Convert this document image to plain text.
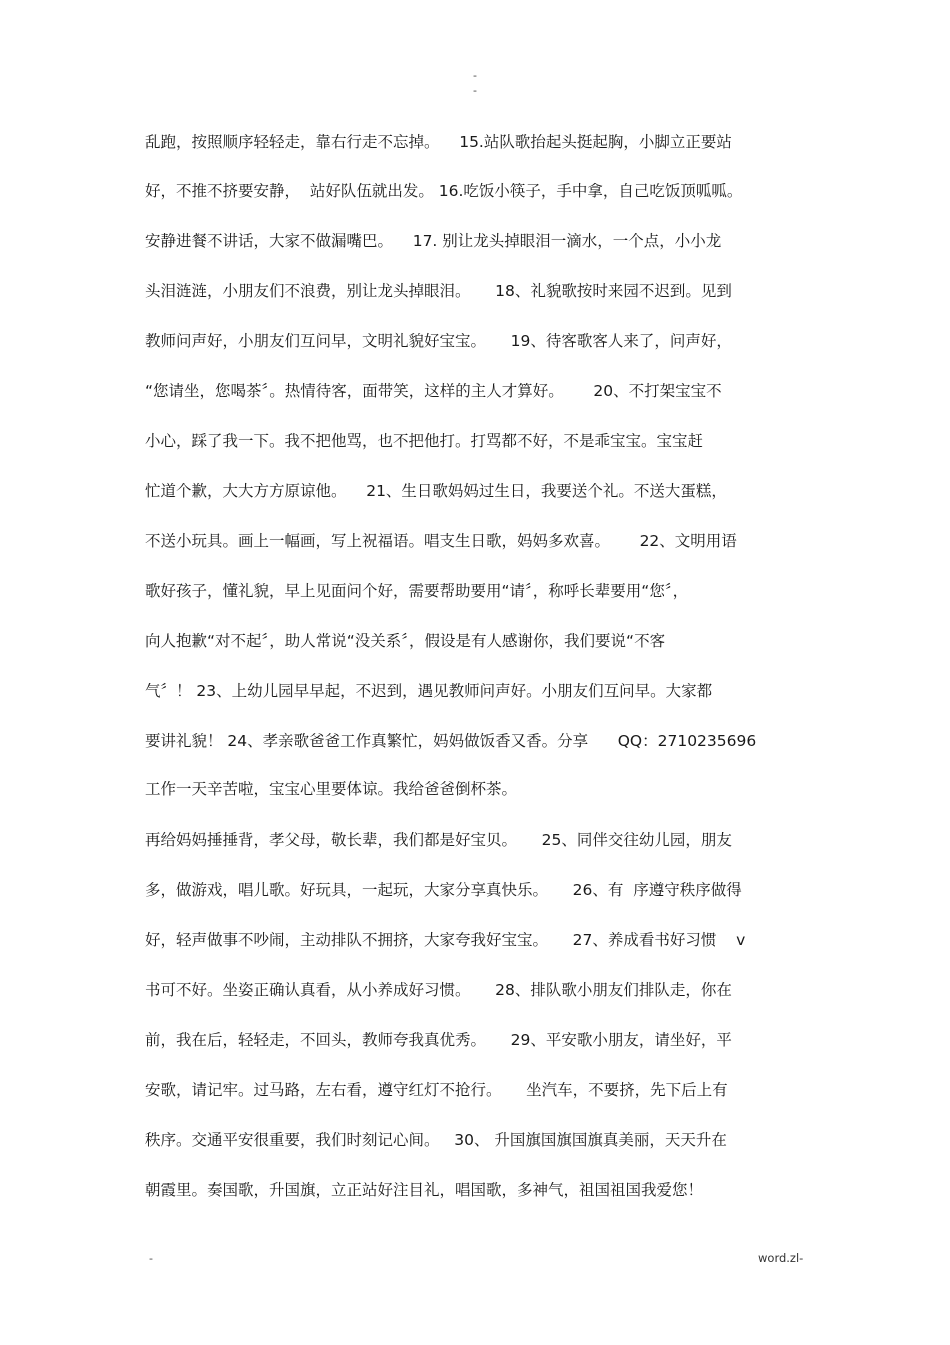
-
-
乱跑，按照顺序轻轻走，靠右行走不忘掉。    15.站队歌抬起头挺起胸，小脚立正要站
好，不推不挤要安静，  站好队伍就出发。 16.吃饭小筷子，手中拿，自己吃饭顶呱呱。
安静进餐不讲话，大家不做漏嘴巴。    17. 别让龙头掉眼泪一滴水，一个点，小小龙
头泪涟涟，小朋友们不浪费，别让龙头掉眼泪。     18、礼貌歌按时来园不迟到。见到
教师问声好，小朋友们互问早，文明礼貌好宝宝。     19、待客歌客人来了，问声好，
“您请坐，您喝茶〞。热情待客，面带笑，这样的主人才算好。      20、不打架宝宝不
小心，踩了我一下。我不把他骂，也不把他打。打骂都不好，不是乖宝宝。宝宝赶
忙道个歉，大大方方原谅他。    21、生日歌妈妈过生日，我要送个礼。不送大蛋糕，
不送小玩具。画上一幅画，写上祝福语。唱支生日歌，妈妈多欢喜。      22、文明用语
歌好孩子，懂礼貌，早上见面问个好，需要帮助要用“请〞，称呼长辈要用“您〞，
向人抱歉“对不起〞，助人常说“没关系〞，假设是有人感谢你，我们要说“不客
气〞！ 23、上幼儿园早早起，不迟到，遇见教师问声好。小朋友们互问早。大家都
要讲礼貌！ 24、孝亲歌爸爸工作真繁忙，妈妈做饭香又香。分享      QQ：2710235696
工作一天辛苦啦，宝宝心里要体谅。我给爸爸倒杯茶。
再给妈妈捶捶背，孝父母，敬长辈，我们都是好宝贝。     25、同伴交往幼儿园，朋友
多，做游戏，唱儿歌。好玩具，一起玩，大家分享真快乐。     26、有  序遵守秩序做得
好，轻声做事不吵闹，主动排队不拥挤，大家夸我好宝宝。     27、养成看书好习惯    v
书可不好。坐姿正确认真看，从小养成好习惯。     28、排队歌小朋友们排队走，你在
前，我在后，轻轻走，不回头，教师夸我真优秀。     29、平安歌小朋友，请坐好，平
安歌，请记牢。过马路，左右看，遵守红灯不抢行。     坐汽车，不要挤，先下后上有
秩序。交通平安很重要，我们时刻记心间。   30、 升国旗国旗国旗真美丽，天天升在
朝霞里。奏国歌，升国旗，立正站好注目礼，唱国歌，多神气，祖国祖国我爱您！
-	word.zl-
